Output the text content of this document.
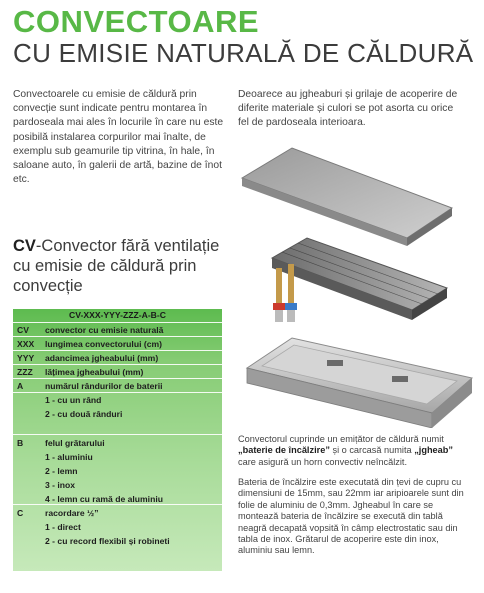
CONVECTOARE
CU EMISIE NATURALĂ DE CĂLDURĂ
Convectoarele cu emisie de căldură prin convecție sunt indicate pentru montarea în pardoseala mai ales în locurile în care nu este posibilă instalarea corpurilor mai înalte, de exemplu sub geamurile tip vitrina, în hale, în saloane auto, în galerii de artă, bazine de înot etc.
Deoarece au jgheaburi și grilaje de acoperire de diferite materiale și culori se pot asorta cu orice fel de pardoseala interioara.
CV-Convector fără ventilație cu emisie de căldură prin convecție
CV-XXX-YYY-ZZZ-A-B-C
CV convector cu emisie naturală
XXX lungimea convectorului (cm)
YYY adancimea jgheabului (mm)
ZZZ lățimea jgheabului (mm)
A	numărul rândurilor de baterii
1 - cu un rând
2 - cu două rânduri
B	felul grătarului
1 - aluminiu
2 - lemn
3 - inox
4 - lemn cu ramă de aluminiu
C	racordare ½”
1 - direct
2 - cu record flexibil și robineti
Convectorul cuprinde un emițător de căldură numit „baterie de încălzire” și o carcasă numita „jgheab” care asigură un horn convectiv neîncălzit.
Bateria de încălzire este executată din țevi de cupru cu dimensiuni de 15mm, sau 22mm iar aripioarele sunt din folie de aluminiu de 0,3mm. Jgheabul în care se montează bateria de încălzire se execută din tablă neagră decapată vopsită în câmp electrostatic sau din tabla de inox. Grătarul de acoperire este din inox, aluminiu sau lemn.
